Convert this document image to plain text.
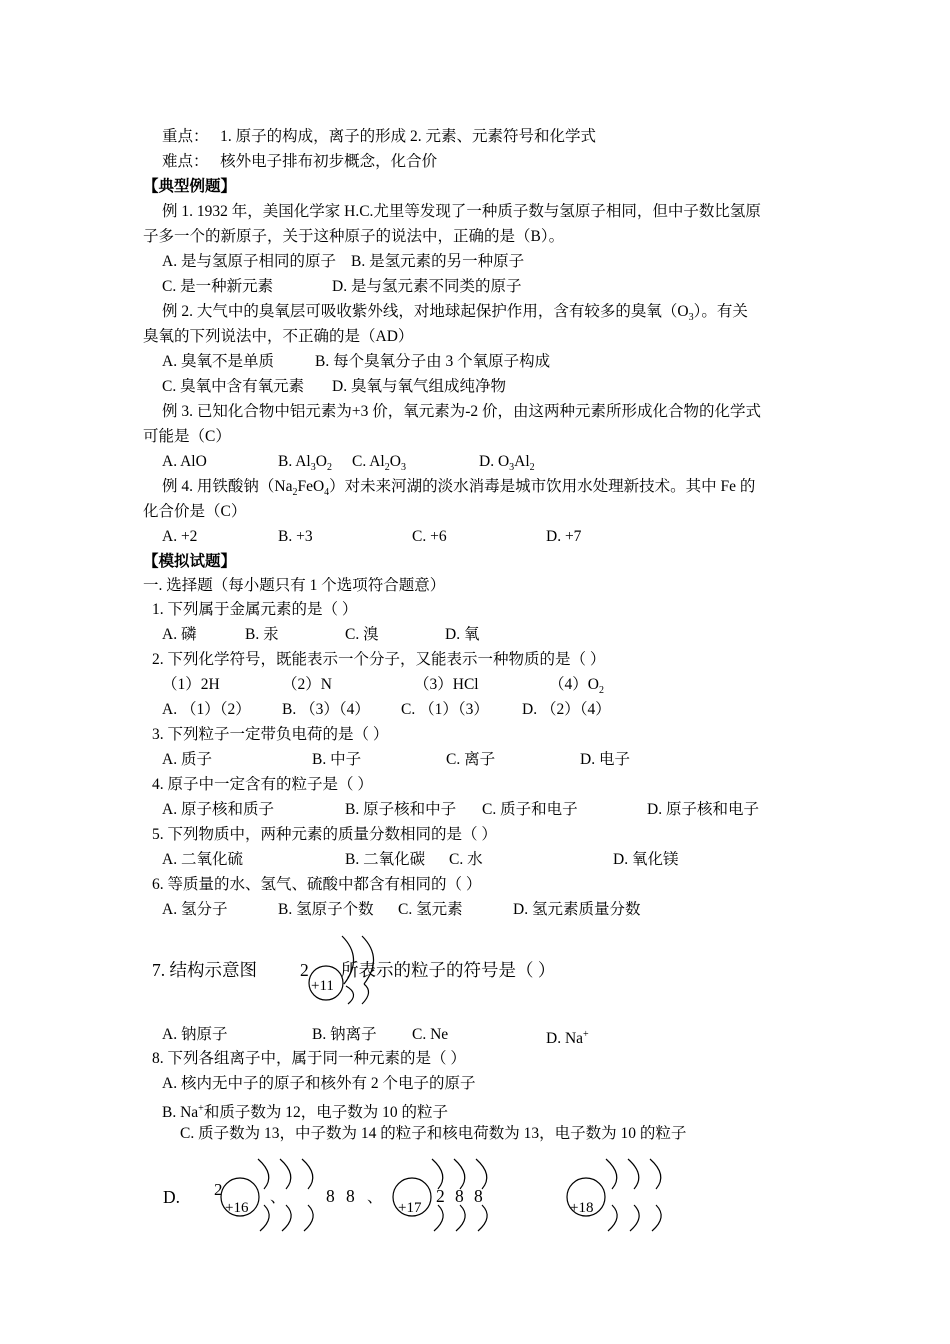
重点： 1. 原子的构成，离子的形成 2. 元素、元素符号和化学式
难点： 核外电子排布初步概念，化合价
【典型例题】
例 1. 1932 年，美国化学家 H.C.尤里等发现了一种质子数与氢原子相同，但中子数比氢原
子多一个的新原子，关于这种原子的说法中，正确的是（B）。
A. 是与氢原子相同的原子 B. 是氢元素的另一种原子
C. 是一种新元素	D. 是与氢元素不同类的原子
例 2. 大气中的臭氧层可吸收紫外线，对地球起保护作用，含有较多的臭氧$(O_3)$。有关
臭氧的下列说法中，不正确的是（AD）
A. 臭氧不是单质	B. 每个臭氧分子由 3 个氧原子构成
C. 臭氧中含有氧元素 D. 臭氧与氧气组成纯净物
例 3. 已知化合物中铝元素为+3 价，氧元素为-2 价，由这两种元素所形成化合物的化学式
可能是（C）
A. AlO	B. $Al_3O_2$ C. $Al_2O_3$	D. $O_3Al_2$
例 4. 用铁酸钠$(Na_2FeO_4)$对未来河湖的淡水消毒是城市饮用水处理新技术。其中 Fe 的
化合价是（C）
A. +2	B. +3	C. +6	D. +7
【模拟试题】
一. 选择题（每小题只有 1 个选项符合题意）
1. 下列属于金属元素的是（ ）
A. 磷	B. 汞	C. 溴	D. 氧
2. 下列化学符号，既能表示一个分子，又能表示一种物质的是（ ）
（1）2H	（2）N	（3）HCl	$(4)O_2$
A. （1）（2） B. （3）（4） C. （1）（3） D. （2）（4）
3. 下列粒子一定带负电荷的是（ ）
A. 质子	B. 中子	C. 离子	D. 电子
4. 原子中一定含有的粒子是（ ）
A. 原子核和质子	B. 原子核和中子 C. 质子和电子	D. 原子核和电子
5. 下列物质中，两种元素的质量分数相同的是（ ）
A. 二氧化硫	B. 二氧化碳 C. 水	D. 氧化镁
6. 等质量的水、氢气、硫酸中都含有相同的（ ）
A. 氢分子	B. 氢原子个数 C. 氢元素	D. 氢元素质量分数
7. 结构示意图 2 所表示的粒子的符号是（ ）
+11
A. 钠原子	B. 钠离子 C. Ne	D. Na+
8. 下列各组离子中，属于同一种元素的是（ ）
A. 核内无中子的原子和核外有 2 个电子的原子
B. Na+和质子数为 12，电子数为 10 的粒子
C. 质子数为 13，中子数为 14 的粒子和核电荷数为 13，电子数为 10 的粒子
D. 2
+16
、 8 8 、
+17
2 8 8
+18
